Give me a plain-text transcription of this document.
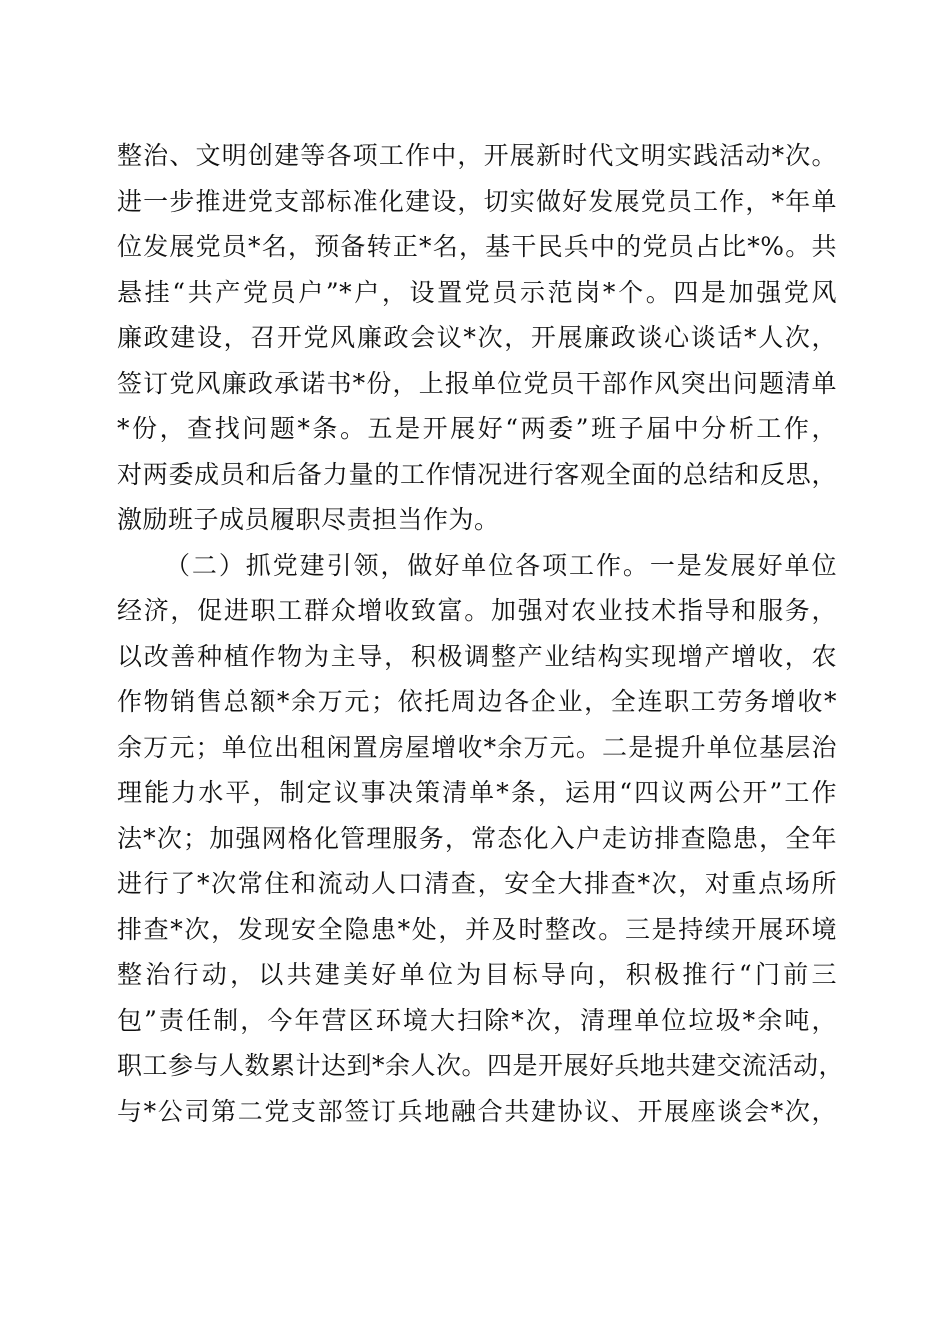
整治、文明创建等各项工作中，开展新时代文明实践活动*次。
进一步推进党支部标准化建设，切实做好发展党员工作，*年单
位发展党员*名，预备转正*名，基干民兵中的党员占比*%。共
悬挂“共产党员户”*户，设置党员示范岗*个。四是加强党风
廉政建设，召开党风廉政会议*次，开展廉政谈心谈话*人次，
签订党风廉政承诺书*份，上报单位党员干部作风突出问题清单
*份，查找问题*条。五是开展好“两委”班子届中分析工作，
对两委成员和后备力量的工作情况进行客观全面的总结和反思，
激励班子成员履职尽责担当作为。
（二）抓党建引领，做好单位各项工作。一是发展好单位
经济，促进职工群众增收致富。加强对农业技术指导和服务，
以改善种植作物为主导，积极调整产业结构实现增产增收，农
作物销售总额*余万元；依托周边各企业，全连职工劳务增收*
余万元；单位出租闲置房屋增收*余万元。二是提升单位基层治
理能力水平，制定议事决策清单*条，运用“四议两公开”工作
法*次；加强网格化管理服务，常态化入户走访排查隐患，全年
进行了*次常住和流动人口清查，安全大排查*次，对重点场所
排查*次，发现安全隐患*处，并及时整改。三是持续开展环境
整治行动，以共建美好单位为目标导向，积极推行“门前三
包”责任制，今年营区环境大扫除*次，清理单位垃圾*余吨，
职工参与人数累计达到*余人次。四是开展好兵地共建交流活动，
与*公司第二党支部签订兵地融合共建协议、开展座谈会*次，
